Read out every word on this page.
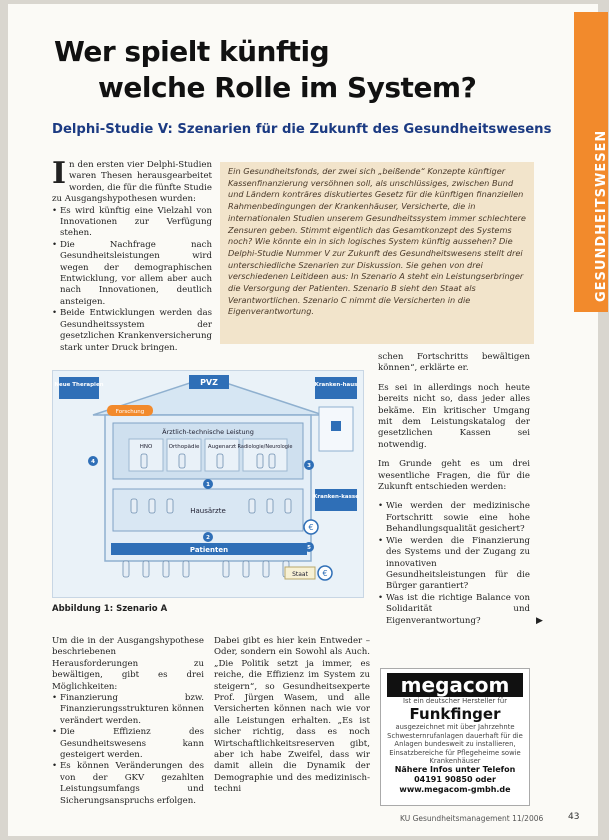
GESUNDHEITSWESEN
Wer spielt künftig
welche Rolle im System?
Delphi-Studie V: Szenarien für die Zukunft des Gesundheitswesens
I n den ersten vier Delphi-Studien waren Thesen herausgearbeitet worden, die für die fünfte Studie zu Ausgangshypothesen wurden:
• Es wird künftig eine Vielzahl von Innovationen zur Verfügung stehen.
• Die Nachfrage nach Gesundheitsleistungen wird wegen der demographischen Entwicklung, vor allem aber auch nach Innovationen, deutlich ansteigen.
• Beide Entwicklungen werden das Gesundheitssystem der gesetzlichen Krankenversicherung stark unter Druck bringen.
Ein Gesundheitsfonds, der zwei sich „beißende“ Konzepte künftiger Kassenfinanzierung versöhnen soll, als unschlüssiges, zwischen Bund und Ländern konträres diskutiertes Gesetz für die künftigen finanziellen Rahmenbedingungen der Krankenhäuser, Versicherte, die in internationalen Studien unserem Gesundheitssystem immer schlechtere Zensuren geben. Stimmt eigentlich das Gesamtkonzept des Systems noch? Wie könnte ein in sich logisches System künftig aussehen? Die Delphi-Studie Nummer V zur Zukunft des Gesundheitswesens stellt drei unterschiedliche Szenarien zur Diskussion. Sie gehen von drei verschiedenen Leitideen aus: In Szenario A steht ein Leistungserbringer die Versorgung der Patienten. Szenario B sieht den Staat als Verantwortlichen. Szenario C nimmt die Versicherten in die Eigenverantwortung.

schen Fortschritts bewältigen können“, erklärte er.

Es sei in allerdings noch heute bereits nicht so, dass jeder alles bekäme. Ein kritischer Umgang mit dem Leistungskatalog der gesetzlichen Kassen sei notwendig.

Im Grunde geht es um drei wesentliche Fragen, die für die Zukunft entschieden werden:

• Wie werden der medizinische Fortschritt sowie eine hohe Behandlungsqualität gesichert?
• Wie werden die Finanzierung des Systems und der Zugang zu innovativen Gesundheitsleistungen für die Bürger garantiert?
• Was ist die richtige Balance von Solidarität und Eigenverantwortung?	▶
PVZ
Ärztlich-technische Leistung
HNO	Orthopädie Augenarzt Radiologie/Neurologie
Hausärzte
Patienten
Neue Therapien
Forschung
Kranken-haus
Kranken-kasse
€
Staat €
1
2
3
4
5
Abbildung 1: Szenario A

Um die in der Ausgangshypothese beschriebenen Herausforderungen zu bewältigen, gibt es drei Möglichkeiten:

• Finanzierung bzw. Finanzierungsstrukturen können verändert werden.
• Die Effizienz des Gesundheitswesens kann gesteigert werden.
• Es können Veränderungen des von der GKV gezahlten Leistungsumfangs und Sicherungsanspruchs erfolgen.

Dabei gibt es hier kein Entweder – Oder, sondern ein Sowohl als Auch. „Die Politik setzt ja immer, es reiche, die Effizienz im System zu steigern“, so Gesundheitsexperte Prof. Jürgen Wasem, und alle Versicherten können nach wie vor alle Leistungen erhalten. „Es ist sicher richtig, dass es noch Wirtschaftlichkeitsreserven gibt, aber ich habe Zweifel, dass wir damit allein die Dynamik der Demographie und des medizinisch-techni

megacom
Ist ein deutscher Hersteller für
Funkfinger
ausgezeichnet mit über Jahrzehnte Schwesternrufanlagen dauerhaft für die Anlagen bundesweit zu installieren, Einsatzbereiche für Pflegeheime sowie Krankenhäuser
Nähere Infos unter Telefon
04191 90850 oder
www.megacom-gmbh.de
KU Gesundheitsmanagement 11/2006	43
